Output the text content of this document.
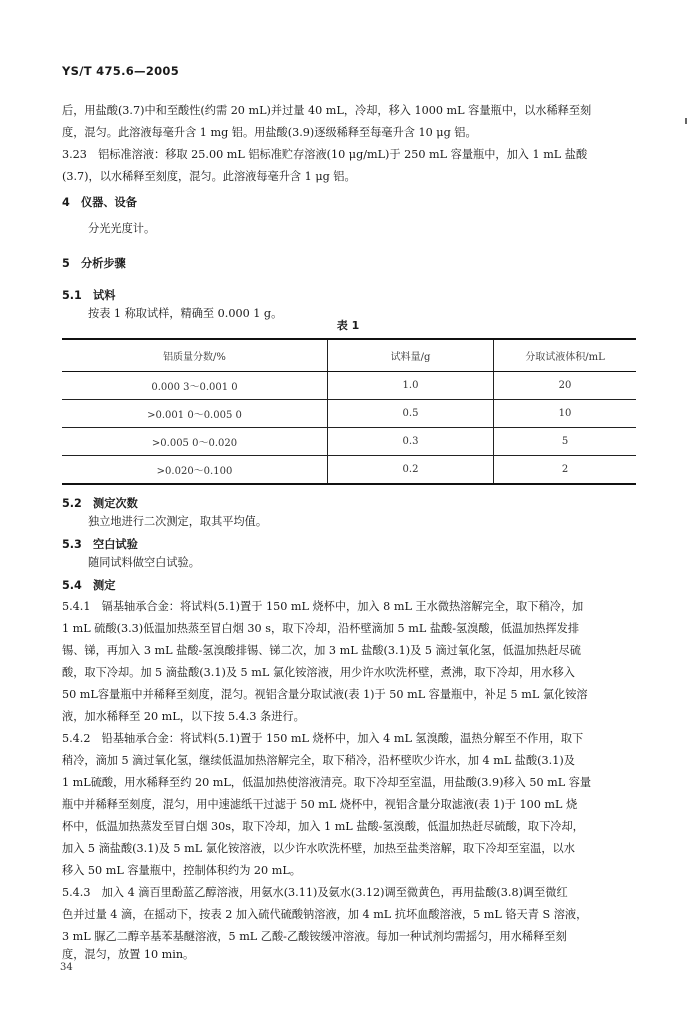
YS/T 475.6—2005
后，用盐酸(3.7)中和至酸性(约需 20 mL)并过量 40 mL，冷却，移入 1000 mL 容量瓶中，以水稀释至刻
度，混匀。此溶液每毫升含 1 mg 铝。用盐酸(3.9)逐级稀释至每毫升含 10 μg 铝。
3.23　铝标准溶液：移取 25.00 mL 铝标准贮存溶液(10 μg/mL)于 250 mL 容量瓶中，加入 1 mL 盐酸
(3.7)，以水稀释至刻度，混匀。此溶液每毫升含 1 μg 铝。
4　仪器、设备
分光光度计。
5　分析步骤
5.1　试料
按表 1 称取试样，精确至 0.000 1 g。
表 1
铝质量分数/%	试料量/g	分取试液体积/mL
0.000 3～0.001 0	1.0	20
>0.001 0～0.005 0	0.5	10
>0.005 0～0.020	0.3	5
>0.020～0.100	0.2	2
5.2　测定次数
独立地进行二次测定，取其平均值。
5.3　空白试验
随同试料做空白试验。
5.4　测定
5.4.1　镉基轴承合金：将试料(5.1)置于 150 mL 烧杯中，加入 8 mL 王水微热溶解完全，取下稍冷，加
1 mL 硫酸(3.3)低温加热蒸至冒白烟 30 s，取下冷却，沿杯壁滴加 5 mL 盐酸-氢溴酸，低温加热挥发排
锡、锑，再加入 3 mL 盐酸-氢溴酸排锡、锑二次，加 3 mL 盐酸(3.1)及 5 滴过氧化氢，低温加热赶尽硫
酸，取下冷却。加 5 滴盐酸(3.1)及 5 mL 氯化铵溶液，用少许水吹洗杯壁，煮沸，取下冷却，用水移入
50 mL容量瓶中并稀释至刻度，混匀。视铝含量分取试液(表 1)于 50 mL 容量瓶中，补足 5 mL 氯化铵溶
液，加水稀释至 20 mL，以下按 5.4.3 条进行。
5.4.2　铅基轴承合金：将试料(5.1)置于 150 mL 烧杯中，加入 4 mL 氢溴酸，温热分解至不作用，取下
稍冷，滴加 5 滴过氧化氢，继续低温加热溶解完全，取下稍冷，沿杯壁吹少许水，加 4 mL 盐酸(3.1)及
1 mL硫酸，用水稀释至约 20 mL，低温加热使溶液清亮。取下冷却至室温，用盐酸(3.9)移入 50 mL 容量
瓶中并稀释至刻度，混匀，用中速滤纸干过滤于 50 mL 烧杯中，视铝含量分取滤液(表 1)于 100 mL 烧
杯中，低温加热蒸发至冒白烟 30s，取下冷却，加入 1 mL 盐酸-氢溴酸，低温加热赶尽硫酸，取下冷却，
加入 5 滴盐酸(3.1)及 5 mL 氯化铵溶液，以少许水吹洗杯壁，加热至盐类溶解，取下冷却至室温，以水
移入 50 mL 容量瓶中，控制体积约为 20 mL。
5.4.3　加入 4 滴百里酚蓝乙醇溶液，用氨水(3.11)及氨水(3.12)调至微黄色，再用盐酸(3.8)调至微红
色并过量 4 滴，在摇动下，按表 2 加入硫代硫酸钠溶液，加 4 mL 抗坏血酸溶液，5 mL 铬天青 S 溶液，
3 mL 脲乙二醇辛基苯基醚溶液，5 mL 乙酸-乙酸铵缓冲溶液。每加一种试剂均需摇匀，用水稀释至刻
度，混匀，放置 10 min。
34
